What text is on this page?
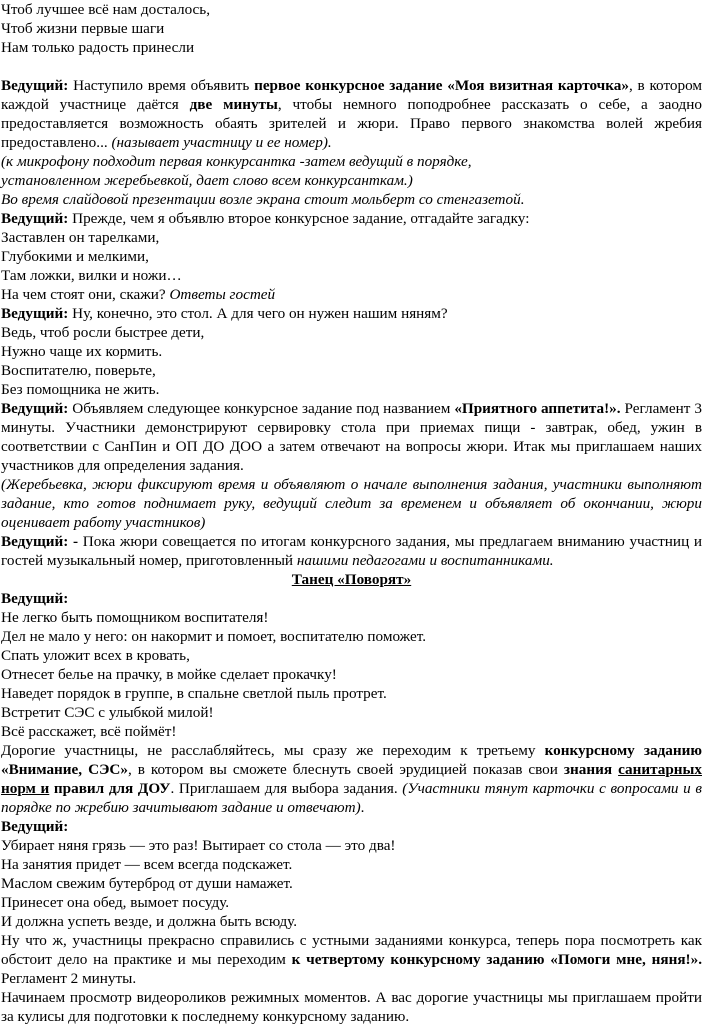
Чтоб лучшее всё нам досталось,

Чтоб жизни первые шаги

Нам только радость принесли

Ведущий: Наступило время объявить первое конкурсное задание «Моя визитная карточка», в котором каждой участнице даётся две минуты, чтобы немного поподробнее рассказать о себе, а заодно предоставляется возможность обаять зрителей и жюри. Право первого знакомства волей жребия предоставлено... (называет участницу и ее номер).

(к микрофону подходит первая конкурсантка -затем ведущий в порядке,

установленном жеребьевкой, дает слово всем конкурсанткам.)

Во время слайдовой презентации возле экрана стоит мольберт со стенгазетой.

Ведущий: Прежде, чем я объявлю второе конкурсное задание, отгадайте загадку:

Заставлен он тарелками,

Глубокими и мелкими,

Там ложки, вилки и ножи…

На чем стоят они, скажи? Ответы гостей

Ведущий: Ну, конечно, это стол. А для чего он нужен нашим няням?

Ведь, чтоб росли быстрее дети,

Нужно чаще их кормить.

Воспитателю, поверьте,

Без помощника не жить.

Ведущий: Объявляем следующее конкурсное задание под названием «Приятного аппетита!». Регламент 3 минуты. Участники демонстрируют сервировку стола при приемах пищи - завтрак, обед, ужин в соответствии с СанПин и ОП ДО ДОО а затем отвечают на вопросы жюри. Итак мы приглашаем наших участников для определения задания.

(Жеребьевка, жюри фиксируют время и объявляют о начале выполнения задания, участники выполняют задание, кто готов поднимает руку, ведущий следит за временем и объявляет об окончании, жюри оценивает работу участников)

Ведущий: - Пока жюри совещается по итогам конкурсного задания, мы предлагаем вниманию участниц и гостей музыкальный номер, приготовленный нашими педагогами и воспитанниками.

Танец «Поворят»

Ведущий:

Не легко быть помощником воспитателя!

Дел не мало у него: он накормит и помоет, воспитателю поможет.

Спать уложит всех в кровать,

Отнесет белье на прачку, в мойке сделает прокачку!

Наведет порядок в группе, в спальне светлой пыль протрет.

Встретит СЭС с улыбкой милой!

Всё расскажет, всё поймёт!

Дорогие участницы, не расслабляйтесь, мы сразу же переходим к третьему конкурсному заданию «Внимание, СЭС», в котором вы сможете блеснуть своей эрудицией показав свои знания санитарных норм и правил для ДОУ. Приглашаем для выбора задания. (Участники тянут карточки с вопросами и в порядке по жребию зачитывают задание и отвечают).

Ведущий:

Убирает няня грязь — это раз! Вытирает со стола — это два!

На занятия придет — всем всегда подскажет.

Маслом свежим бутерброд от души намажет.

Принесет она обед, вымоет посуду.

И должна успеть везде, и должна быть всюду.

Ну что ж, участницы прекрасно справились с устными заданиями конкурса, теперь пора посмотреть как обстоит дело на практике и мы переходим к четвертому конкурсному заданию «Помоги мне, няня!». Регламент 2 минуты.

Начинаем просмотр видеороликов режимных моментов. А вас дорогие участницы мы приглашаем пройти за кулисы для подготовки к последнему конкурсному заданию.
